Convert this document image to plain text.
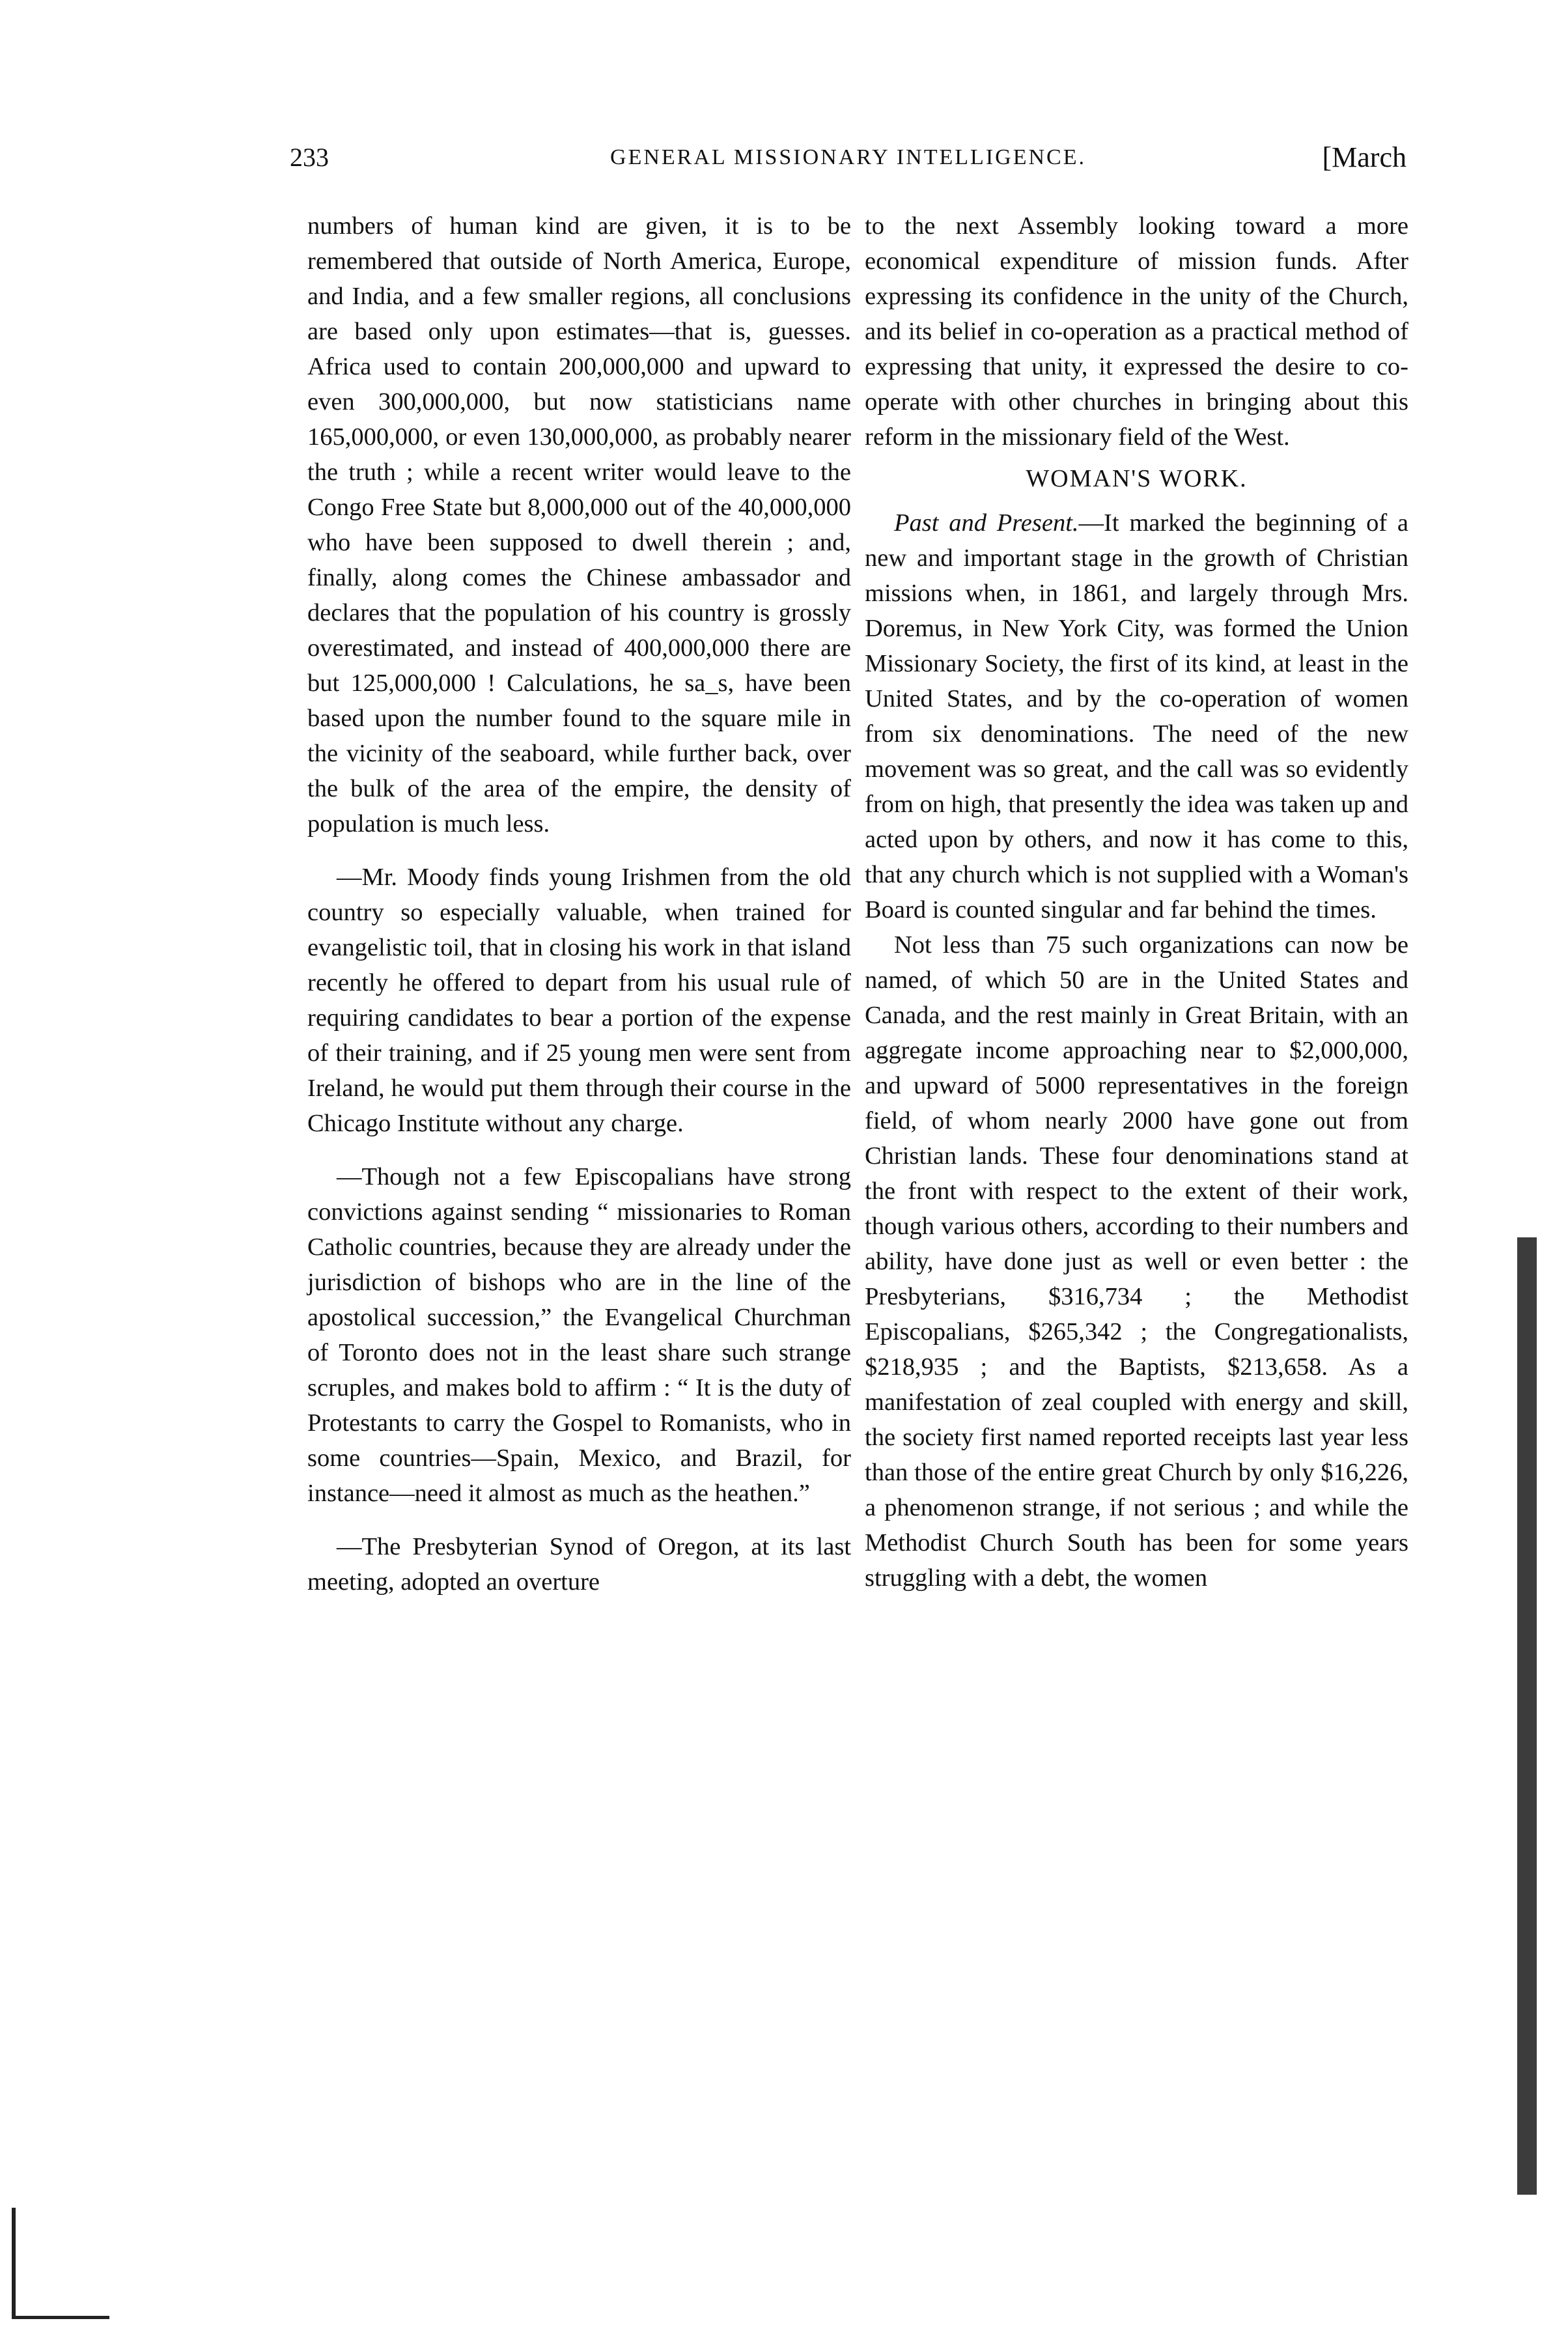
233	GENERAL MISSIONARY INTELLIGENCE.	[March

numbers of human kind are given, it is to be remembered that outside of North America, Europe, and India, and a few smaller regions, all conclusions are based only upon estimates—that is, guesses. Africa used to contain 200,000,000 and upward to even 300,000,000, but now statisticians name 165,000,000, or even 130,000,000, as probably nearer the truth ; while a recent writer would leave to the Congo Free State but 8,000,000 out of the 40,000,000 who have been supposed to dwell therein ; and, finally, along comes the Chinese ambassador and declares that the population of his country is grossly overestimated, and instead of 400,000,000 there are but 125,000,000 ! Calculations, he sa_s, have been based upon the number found to the square mile in the vicinity of the seaboard, while further back, over the bulk of the area of the empire, the density of population is much less.

—Mr. Moody finds young Irishmen from the old country so especially valuable, when trained for evangelistic toil, that in closing his work in that island recently he offered to depart from his usual rule of requiring candidates to bear a portion of the expense of their training, and if 25 young men were sent from Ireland, he would put them through their course in the Chicago Institute without any charge.

—Though not a few Episcopalians have strong convictions against sending “ missionaries to Roman Catholic countries, because they are already under the jurisdiction of bishops who are in the line of the apostolical succession,” the Evangelical Churchman of Toronto does not in the least share such strange scruples, and makes bold to affirm : “ It is the duty of Protestants to carry the Gospel to Romanists, who in some countries—Spain, Mexico, and Brazil, for instance—need it almost as much as the heathen.”

—The Presbyterian Synod of Oregon, at its last meeting, adopted an overture

to the next Assembly looking toward a more economical expenditure of mission funds. After expressing its confidence in the unity of the Church, and its belief in co-operation as a practical method of expressing that unity, it expressed the desire to co-operate with other churches in bringing about this reform in the missionary field of the West.

WOMAN'S WORK.

Past and Present.—It marked the beginning of a new and important stage in the growth of Christian missions when, in 1861, and largely through Mrs. Doremus, in New York City, was formed the Union Missionary Society, the first of its kind, at least in the United States, and by the co-operation of women from six denominations. The need of the new movement was so great, and the call was so evidently from on high, that presently the idea was taken up and acted upon by others, and now it has come to this, that any church which is not supplied with a Woman's Board is counted singular and far behind the times.

Not less than 75 such organizations can now be named, of which 50 are in the United States and Canada, and the rest mainly in Great Britain, with an aggregate income approaching near to $2,000,000, and upward of 5000 representatives in the foreign field, of whom nearly 2000 have gone out from Christian lands. These four denominations stand at the front with respect to the extent of their work, though various others, according to their numbers and ability, have done just as well or even better : the Presbyterians, $316,734 ; the Methodist Episcopalians, $265,342 ; the Congregationalists, $218,935 ; and the Baptists, $213,658. As a manifestation of zeal coupled with energy and skill, the society first named reported receipts last year less than those of the entire great Church by only $16,226, a phenomenon strange, if not serious ; and while the Methodist Church South has been for some years struggling with a debt, the women
